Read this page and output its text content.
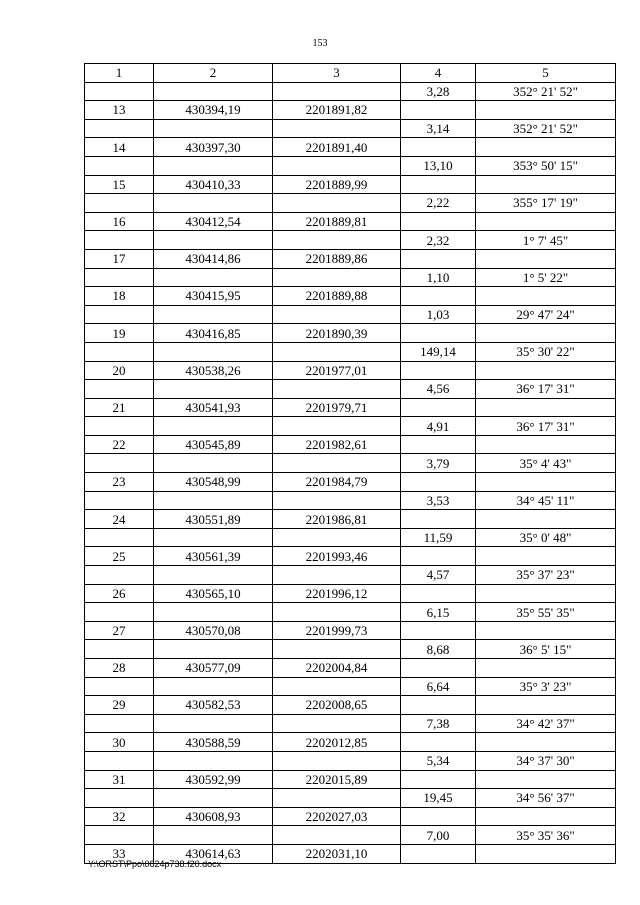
153
1	2	3	4	5
			3,28	352° 21' 52"
13	430394,19	2201891,82		
			3,14	352° 21' 52"
14	430397,30	2201891,40		
			13,10	353° 50' 15"
15	430410,33	2201889,99		
			2,22	355° 17' 19"
16	430412,54	2201889,81		
			2,32	1° 7' 45"
17	430414,86	2201889,86		
			1,10	1° 5' 22"
18	430415,95	2201889,88		
			1,03	29° 47' 24"
19	430416,85	2201890,39		
			149,14	35° 30' 22"
20	430538,26	2201977,01		
			4,56	36° 17' 31"
21	430541,93	2201979,71		
			4,91	36° 17' 31"
22	430545,89	2201982,61		
			3,79	35° 4' 43"
23	430548,99	2201984,79		
			3,53	34° 45' 11"
24	430551,89	2201986,81		
			11,59	35° 0' 48"
25	430561,39	2201993,46		
			4,57	35° 37' 23"
26	430565,10	2201996,12		
			6,15	35° 55' 35"
27	430570,08	2201999,73		
			8,68	36° 5' 15"
28	430577,09	2202004,84		
			6,64	35° 3' 23"
29	430582,53	2202008,65		
			7,38	34° 42' 37"
30	430588,59	2202012,85		
			5,34	34° 37' 30"
31	430592,99	2202015,89		
			19,45	34° 56' 37"
32	430608,93	2202027,03		
			7,00	35° 35' 36"
33	430614,63	2202031,10		
Y:\ORST\Ppo\0824p738.f20.docx
